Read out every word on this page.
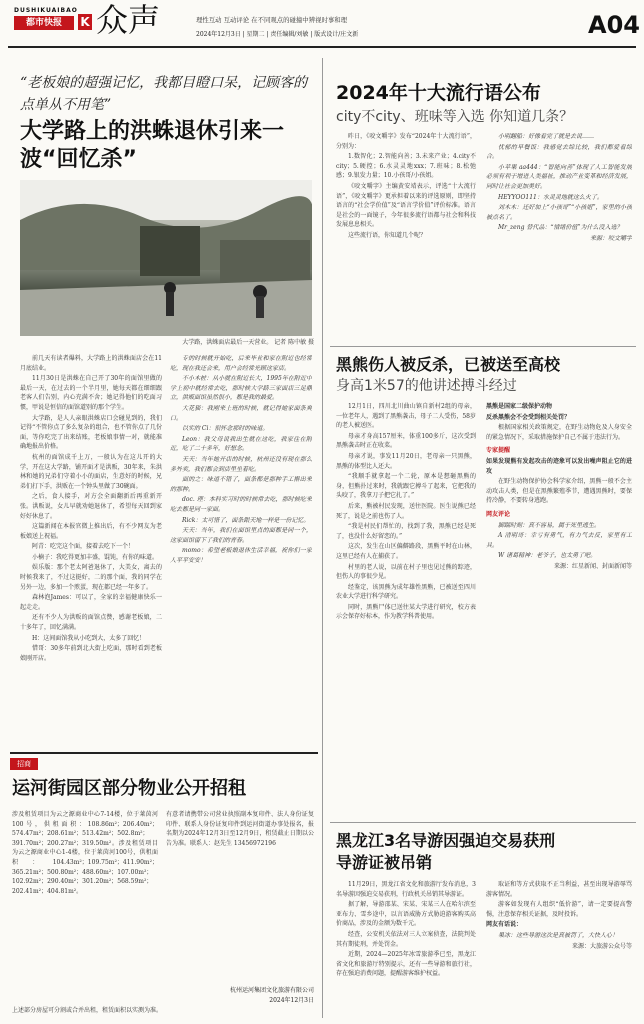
DUSHIKUAIBAO
都市快报	K 众声	理性互动 互动评论 在不同观点的碰撞中辨视时事和理
2024年12月3日 | 星期二 | 责任编辑/刘敏 | 版式设计/庄文新	A04
“老板娘的超强记忆，我都目瞪口呆，记顾客的点单从不用笔”
大学路上的洪蛛退休引来一波“回忆杀”
大学路，洪蛛面店最后一天营业。 记者 陈中敏 摄

前几天有读者爆料，大学路上的洪蛛面店会在11月底结业。

11月30日是洪蛛在自己开了30年的面馆里做的最后一天，在过去的一个半月里，她每天都在细细跟老客人们告别，内心充满不舍；她记得他们的吃面习惯，甲说是恒信的面馆道别的那个学生。

大学路，是人人亲眼洪蛛店口会碰见到的，我们记得“不管你点了多么复杂的组合，也不管你点了几份面，等你吃完了出来结账，老板娘事情一对，就能准确地报出价格。

杭州的面馆成千上万，一般认为在这儿开的大学，开在这大学路，铺开面才是洪贩，30年来，朱洪林和她的兄弟们守着小小的面店，生意好的时候，兄弟们打下手，洪贩在一个钟头里做了30碗面。

之后，食人接手，对方会全面翻新后再重新开张。洪贩说，女儿早就劝她退休了，希望每天回到家好好休息了。

这篇新闻在本报官微上推出后，有不少网友为老板娘送上祝福。

阿青：吃完这个面，接着去吃下一个！

小楠子：我吃得更加丰盛，馄饨，有你的味道。

娱乐版：那个老太阿爸退休了，大美女，离去的时候我来了，不过这挺好，二的那个面，我的同学在另外一边，多加一个煎蛋，现在都已经一年多了。

森林泡James：可以了，全家的幸福健康快乐一起走走。

还有不少人为洪贩的面馆点赞，感谢老板娘，二十多年了，回忆满满。

H：这间面馆我从小吃到大，太多了回忆！

惜哥：30多年前到北大街上吃面，那时看到老板娘刚开店。

专的时候就开始吃，后来毕业和家在附近也经常吃，现在我还会来，用户会经常光顾这家店。

不小木桩：从小就在附近长大，1995年在附近中学上初中就经常去吃，那时候大学路三家面店三足鼎立，洪贩面馆虽然很小，都是我的最爱。

大花猫：我刚来上班的时候，就记得她家面条爽口。

以实的 Ci：很怀念那时的味道。

Leon：我父母说我出生就在这吃，我家住在附近，吃了二十多年，好想念。

天天：当年她开店的时候，杭州还没有现在那么多外卖，我们都会到店里坐着吃。

面的之：味道不错了，面条都是那种手工擀出来的那种。

doc. 理：本科实习时的时候常去吃，那时候吃来吃去都是同一家面。

Rick：太可惜了，面条跟天地一样是一份记忆。

天天：当年，我们在面馆里点的面都是同一个，这家面馆留下了我们的青春。

momo：希望老板娘退休生活幸福，祝你们一家人平平安安！

2024年十大流行语公布
city不city、班味等入选 你知道几条？

昨日，《咬文嚼字》发布“2024年十大流行语”，分别为：

1.数智化；2.智能向善；3.未来产业；4.city不city；5.硬控；6.水灵灵地xxx；7.班味；8.松弛感；9.银发力量；10.小孩哥/小孩姐。

《咬文嚼字》主编黄安靖表示，评选“十大流行语”，《咬文嚼字》更承担着以来的评选原则，即坚持语言的“社会学价值”及“语言学价值”评价标准。语言是社会的一面镜子，今年很多流行语都与社会和科技发展息息相关。

这些流行语，你知道几个呢？

小明翻船：好像看完了就是去说……

忧郁的早餐饭：我感觉去综比较，我们都爱看综合。

小苹果 aa444：“智能向善”体现了人工智能发展必须有利于增进人类福祉，推动产业变革和经济发展，同时让社会更加美好。

HEYYOO111：水灵灵地就这么火了。

刘木木：还好加上“小孩哥”“小孩姐”，家里的小孩被点名了。

Mr_zeng 替代品：“情绪价值”为什么没入选？

来源：咬文嚼字

黑熊伤人被反杀，已被送至高校
身高1米57的他讲述搏斗经过

12月1日，四川北川曲山镇自新村2组的母亲，一位老年人，遇到了黑熊袭击，母子二人受伤，58岁的老人被送医。

母亲才身高157厘米，体重100多斤，这次受到黑熊袭击时正在收菜。

母亲才说，事发11月20日，老母亲一只黑熊，黑熊的体型比人还大。

“我顺手就拿起一个二轮，原本是想砸黑熊的身，但熊扑过来时，我就跟它搏斗了起来，它把我的头咬了，我拿刀子把它扎了。”

后来，熊被村民发现，送往医院。医生说熊已经死了，说是之前也伤了人。

“我是村民们帮忙的，找到了我，黑熊已经是死了，也没什么好留恋的。”

这次，发生在山区偏僻路段，黑熊平时在山林，这里已经有人在捕获了。

村里的老人说，以前在村子里也见过熊的踪迹，但伤人的事很少见。

经鉴定，该黑熊为成年雄性黑熊，已被送至四川农业大学进行科学研究。

同时，黑熊尸体已送往某大学进行研究，校方表示会保存好标本，作为教学科普使用。

黑熊是国家二级保护动物

反杀黑熊会不会受到相关处罚？

根据国家相关政策规定，在野生动物危及人身安全的紧急情况下，采取措施保护自己不属于违法行为。

专家提醒

如果发现熊有发起攻击的迹象可以发出噪声阻止它的进攻

在野生动物保护协会科学家介绍，黑熊一般不会主动攻击人类，但是在黑熊繁殖季节，遭遇黑熊时，要保持冷静，不要转身逃跑。

网友评论

脚踹时刻：真不容易，属于死里逃生。

A 清明哥：幸亏有勇气，有力气去反，家里有工具。

W 诸葛精神：老爷子，也太勇了吧。

来源：红星新闻、封面新闻等

黑龙江3名导游因强迫交易获刑
导游证被吊销

11月29日，黑龙江省文化和旅游厅发布消息，3名导游因强迫交易获刑，行政机关吊销其导游证。

据了解，导游邵某、宋某、宋某三人在哈尔滨至亚布力、雪乡途中，以言语威胁方式胁迫游客购买高价商品，涉及的金额为数千元。

经查，公安机关依法对三人立案侦查，法院判处其有期徒刑，并处罚金。

近期，2024—2025年冰雪旅游季已至，黑龙江省文化和旅游厅特别提示，还有一些导游和旅行社，存在强迫消费问题，提醒游客维护权益。

取证和等方式获取不正当利益，甚至出现导游辱骂游客情况。

游客如发现有人组织“低价游”，请一定要提高警惕，注意保存相关证据，及时投诉。

网友有话说：

果冰：这些导游这次是真被罚了，大快人心！

来源：大旅游公众号等

招商
运河街园区部分物业公开招租
涉及租赁项目为云之源商业中心7-14楼，位于莱茵河100号，供租面积：108.86m²；206.40m²；574.47m²；208.61m²；513.42m²；502.8m²；391.70m²；200.27m²；319.50m²。涉及租赁项目为云之源商业中心1-4楼，位于莱茵河100号，供租面积：104.43m²；109.75m²；411.90m²；365.21m²；500.80m²；488.60m²；107.00m²；102.92m²；290.40m²；301.20m²；568.59m²；202.41m²；404.81m²。
有意者请携带公司营业执照副本复印件、法人身份证复印件、联系人身份证复印件到运河街道办事处报名，报名期为2024年12月3日至12月9日，租赁截止日期以公告为准。联系人：赵先生 13456972196
杭州运河集团文化旅游有限公司
2024年12月3日
上述部分房屋可分割或合并出租，租赁面积以实测为准。
